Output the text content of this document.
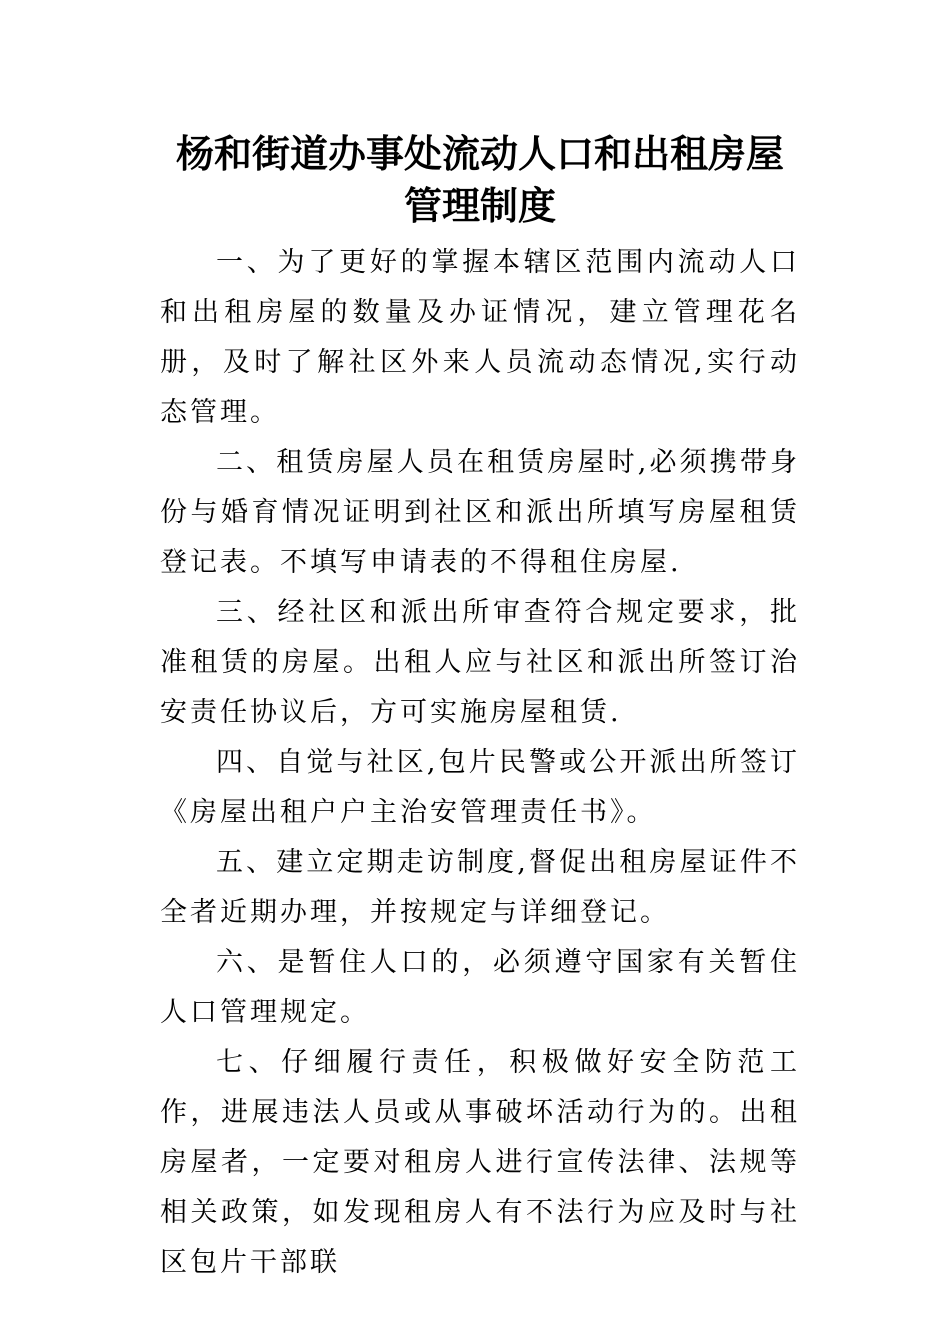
杨和街道办事处流动人口和出租房屋
管理制度

一、为了更好的掌握本辖区范围内流动人口和出租房屋的数量及办证情况，建立管理花名册，及时了解社区外来人员流动态情况,实行动态管理。

二、租赁房屋人员在租赁房屋时,必须携带身份与婚育情况证明到社区和派出所填写房屋租赁登记表。不填写申请表的不得租住房屋.

三、经社区和派出所审查符合规定要求，批准租赁的房屋。出租人应与社区和派出所签订治安责任协议后，方可实施房屋租赁.

四、自觉与社区,包片民警或公开派出所签订《房屋出租户户主治安管理责任书》。

五、建立定期走访制度,督促出租房屋证件不全者近期办理，并按规定与详细登记。

六、是暂住人口的，必须遵守国家有关暂住人口管理规定。

七、仔细履行责任，积极做好安全防范工作，进展违法人员或从事破坏活动行为的。出租房屋者，一定要对租房人进行宣传法律、法规等相关政策，如发现租房人有不法行为应及时与社区包片干部联
